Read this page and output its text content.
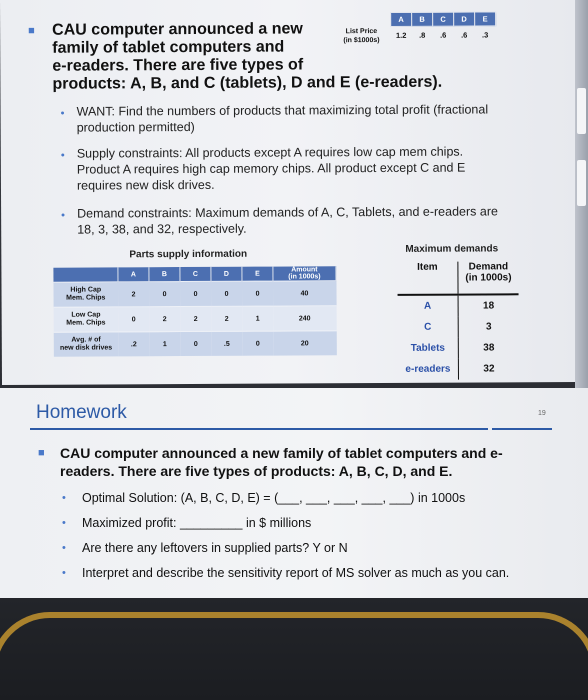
■ CAU computer announced a new
family of tablet computers and
e-readers. There are five types of
products: A, B, and C (tablets), D and E (e-readers).
	A	B	C	D	E

List Price
(in $1000s)	1.2	.8	.6	.6	.3
• WANT: Find the numbers of products that maximizing total profit (fractional
production permitted)
• Supply constraints: All products except A requires low cap mem chips.
Product A requires high cap memory chips. All product except C and E
requires new disk drives.
• Demand constraints: Maximum demands of A, C, Tablets, and e-readers are
18, 3, 38, and 32, respectively.
Parts supply information	Maximum demands
	A	B	C	D	E	Amount
(in 1000s)

High Cap
Mem. Chips	2	0	0	0	0	40

Low Cap
Mem. Chips	0	2	2	2	1	240

Avg. # of
new disk drives	.2	1	0	.5	0	20
Item	Demand
(in 1000s)

A	18
C	3
Tablets	38
e-readers	32
Homework	19
■ CAU computer announced a new family of tablet computers and e-
readers. There are five types of products: A, B, C, D, and E.
• Optimal Solution: (A, B, C, D, E) = (___, ___, ___, ___, ___) in 1000s
• Maximized profit: _________ in $ millions
• Are there any leftovers in supplied parts? Y or N
• Interpret and describe the sensitivity report of MS solver as much as you can.
